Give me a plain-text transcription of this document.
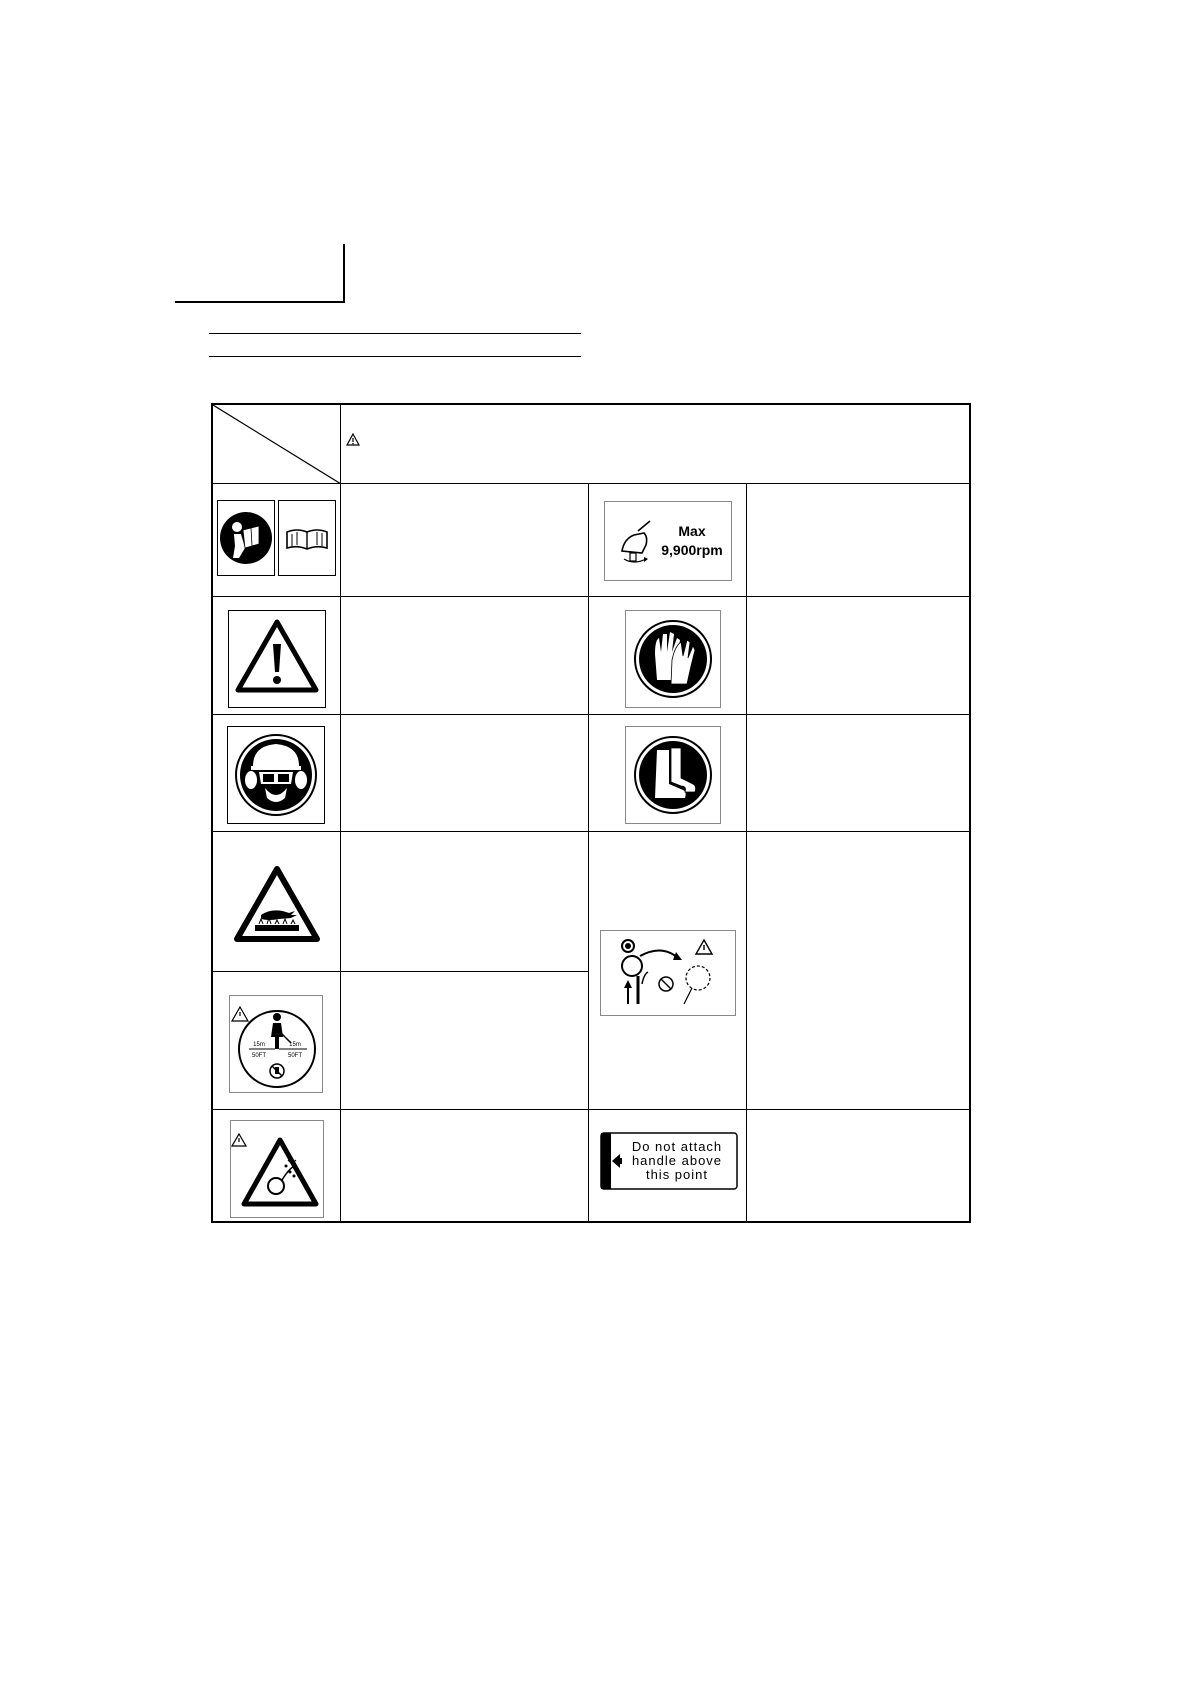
Max
9,900rpm
15m
50FT
15m
50FT
Do not attach
handle above
this point
